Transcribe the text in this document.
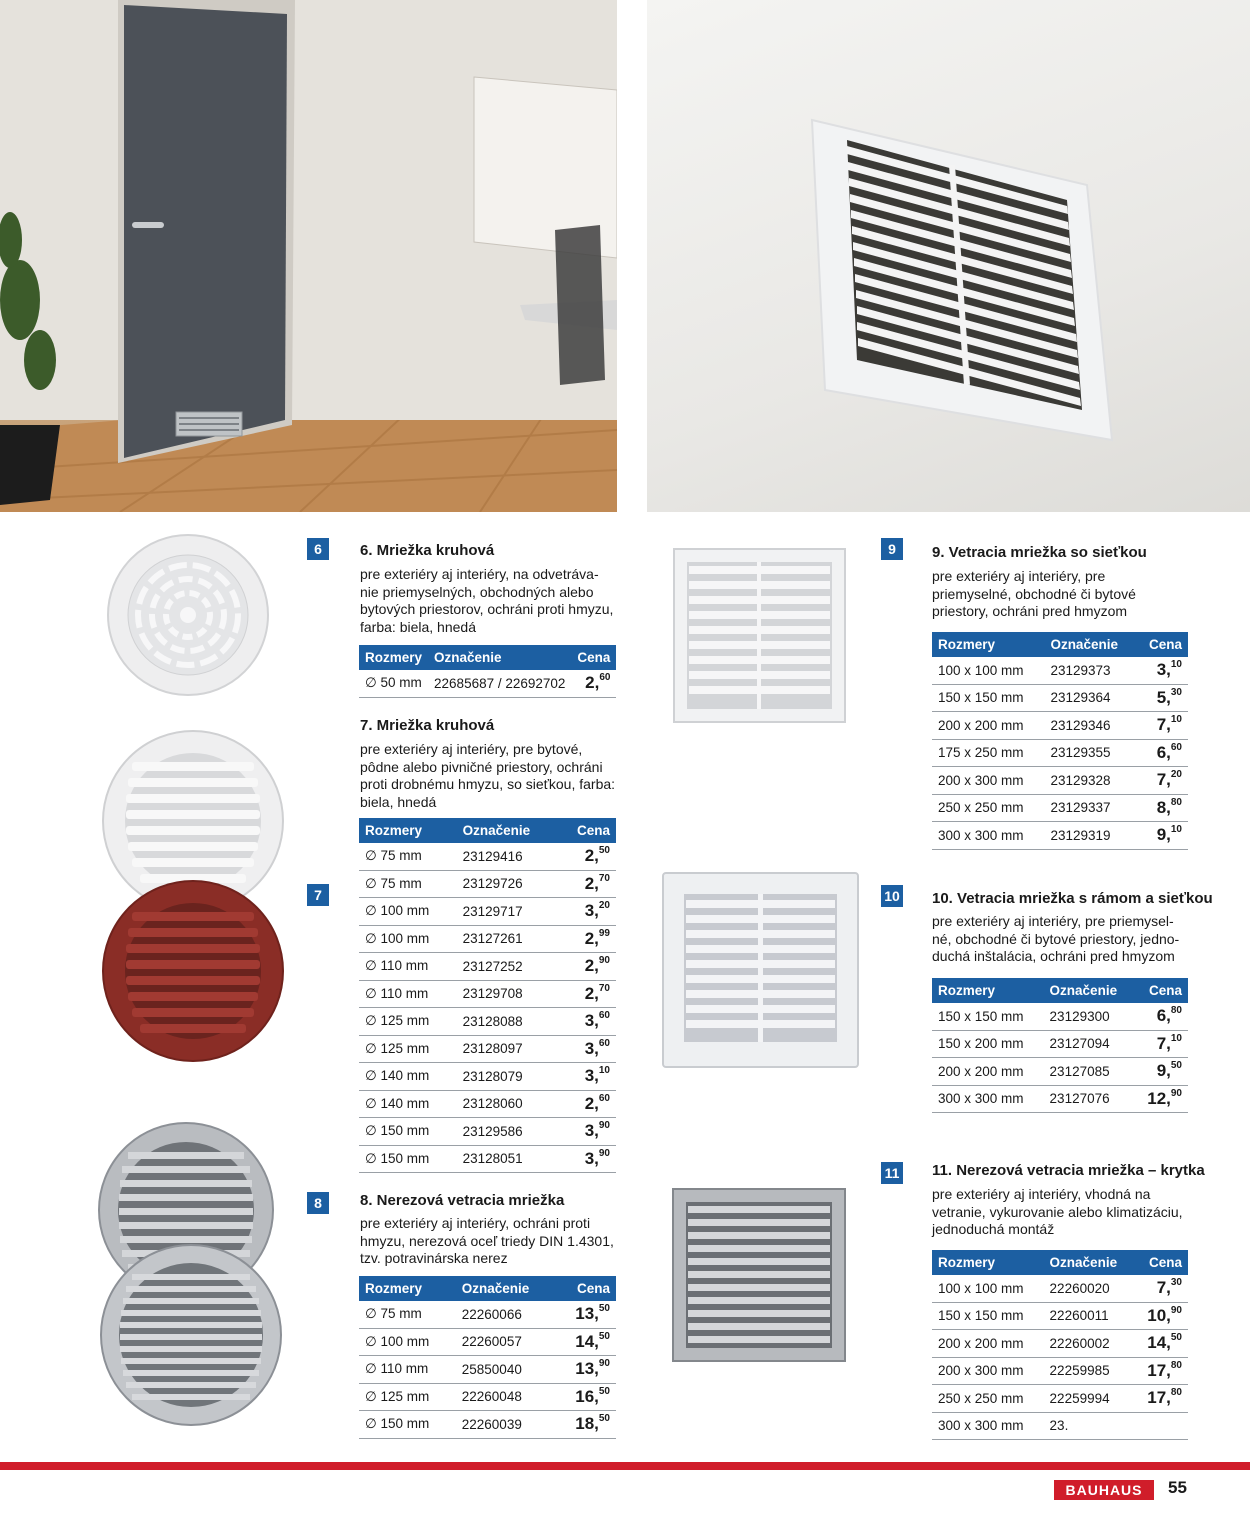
6	6. Mriežka kruhová
pre exteriéry aj interiéry, na odvetráva-
nie priemyselných, obchodných alebo
bytových priestorov, ochráni proti hmyzu,
farba: biela, hnedá
Rozmery	Označenie	Cena
∅ 50 mm	22685687 / 22692702	2,60
7. Mriežka kruhová
pre exteriéry aj interiéry, pre bytové,
pôdne alebo pivničné priestory, ochráni
proti drobnému hmyzu, so sieťkou, farba:
biela, hnedá
Rozmery	Označenie	Cena
∅ 75 mm	23129416	2,50
∅ 75 mm	23129726	2,70
∅ 100 mm	23129717	3,20
∅ 100 mm	23127261	2,99
∅ 110 mm	23127252	2,90
∅ 110 mm	23129708	2,70
∅ 125 mm	23128088	3,60
∅ 125 mm	23128097	3,60
∅ 140 mm	23128079	3,10
∅ 140 mm	23128060	2,60
∅ 150 mm	23129586	3,90
∅ 150 mm	23128051	3,90
7
8	8. Nerezová vetracia mriežka
pre exteriéry aj interiéry, ochráni proti
hmyzu, nerezová oceľ triedy DIN 1.4301,
tzv. potravinárska nerez
Rozmery	Označenie	Cena
∅ 75 mm	22260066	13,50
∅ 100 mm	22260057	14,50
∅ 110 mm	25850040	13,90
∅ 125 mm	22260048	16,50
∅ 150 mm	22260039	18,50
9	9. Vetracia mriežka so sieťkou
pre exteriéry aj interiéry, pre
priemyselné, obchodné či bytové
priestory, ochráni pred hmyzom
Rozmery	Označenie	Cena
100 x 100 mm	23129373	3,10
150 x 150 mm	23129364	5,30
200 x 200 mm	23129346	7,10
175 x 250 mm	23129355	6,60
200 x 300 mm	23129328	7,20
250 x 250 mm	23129337	8,80
300 x 300 mm	23129319	9,10
10 10. Vetracia mriežka s rámom a sieťkou
pre exteriéry aj interiéry, pre priemysel-
né, obchodné či bytové priestory, jedno-
duchá inštalácia, ochráni pred hmyzom
Rozmery	Označenie	Cena
150 x 150 mm	23129300	6,80
150 x 200 mm	23127094	7,10
200 x 200 mm	23127085	9,50
300 x 300 mm	23127076	12,90
11 11. Nerezová vetracia mriežka – krytka
pre exteriéry aj interiéry, vhodná na
vetranie, vykurovanie alebo klimatizáciu,
jednoduchá montáž
Rozmery	Označenie	Cena
100 x 100 mm	22260020	7,30
150 x 150 mm	22260011	10,90
200 x 200 mm	22260002	14,50
200 x 300 mm	22259985	17,80
250 x 250 mm	22259994	17,80
300 x 300 mm	23.	
BAUHAUS	55
